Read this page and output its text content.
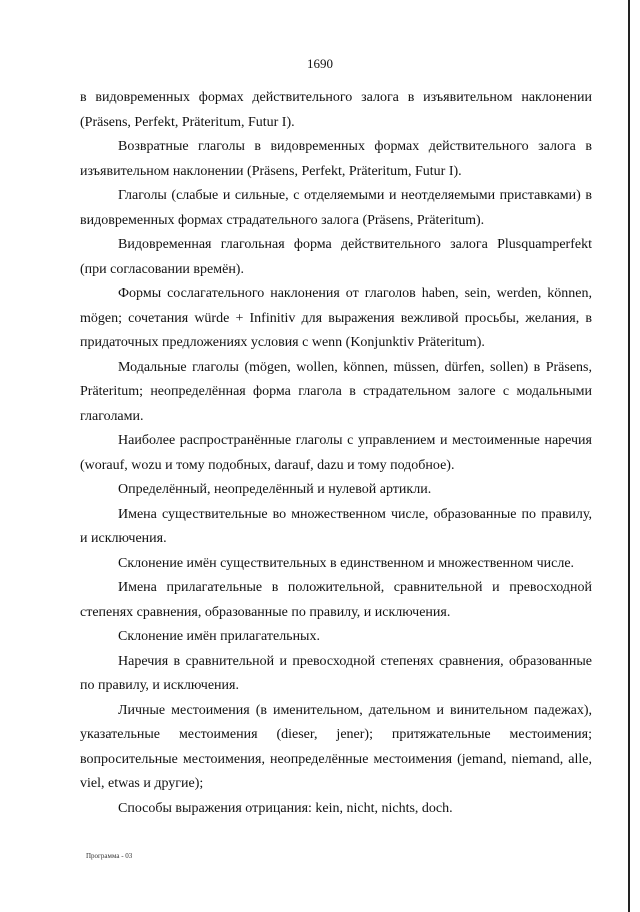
1690

в видовременных формах действительного залога в изъявительном наклонении (Präsens, Perfekt, Präteritum, Futur I).

Возвратные глаголы в видовременных формах действительного залога в изъявительном наклонении (Präsens, Perfekt, Präteritum, Futur I).

Глаголы (слабые и сильные, с отделяемыми и неотделяемыми приставками) в видовременных формах страдательного залога (Präsens, Präteritum).

Видовременная глагольная форма действительного залога Plusquamperfekt (при согласовании времён).

Формы сослагательного наклонения от глаголов haben, sein, werden, können, mögen; сочетания würde + Infinitiv для выражения вежливой просьбы, желания, в придаточных предложениях условия с wenn (Konjunktiv Präteritum).

Модальные глаголы (mögen, wollen, können, müssen, dürfen, sollen) в Präsens, Präteritum; неопределённая форма глагола в страдательном залоге с модальными глаголами.

Наиболее распространённые глаголы с управлением и местоименные наречия (worauf, wozu и тому подобных, darauf, dazu и тому подобное).

Определённый, неопределённый и нулевой артикли.

Имена существительные во множественном числе, образованные по правилу, и исключения.

Склонение имён существительных в единственном и множественном числе.

Имена прилагательные в положительной, сравнительной и превосходной степенях сравнения, образованные по правилу, и исключения.

Склонение имён прилагательных.

Наречия в сравнительной и превосходной степенях сравнения, образованные по правилу, и исключения.

Личные местоимения (в именительном, дательном и винительном падежах), указательные местоимения (dieser, jener); притяжательные местоимения; вопросительные местоимения, неопределённые местоимения (jemand, niemand, alle, viel, etwas и другие);

Способы выражения отрицания: kein, nicht, nichts, doch.

Программа - 03
